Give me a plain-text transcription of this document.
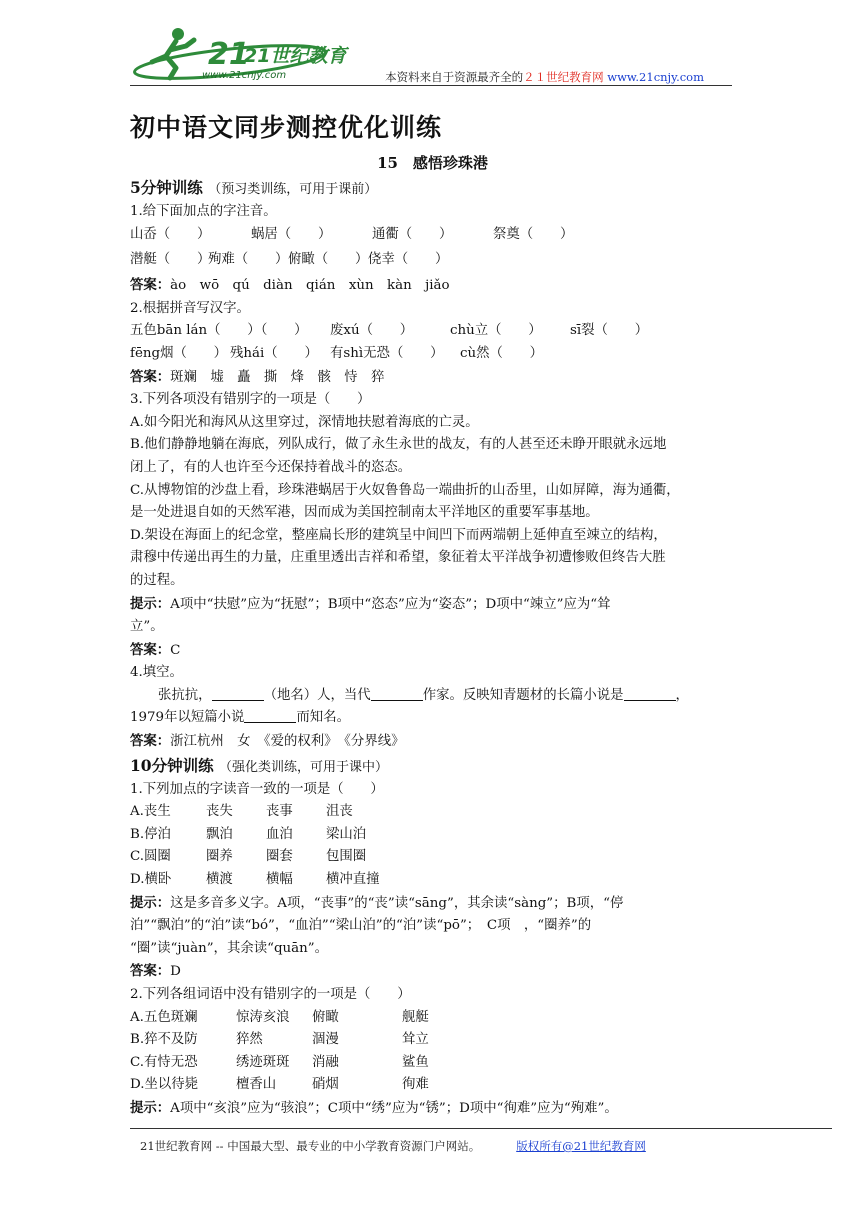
21
21世纪教育
www.21cnjy.com	本资料来自于资源最齐全的２１世纪教育网 www.21cnjy.com
初中语文同步测控优化训练
15　感悟珍珠港
5分钟训练 （预习类训练，可用于课前）
1.给下面加点的字注音。
山岙（　　）	蜗居（　　）	通衢（　　）	祭奠（　　）
潜艇（　　）殉难（　　）俯瞰（　　）侥幸（　　）
答案：ào　wō　qú　diàn　qián　xùn　kàn　jiǎo
2.根据拼音写汉字。
五色bān lán（　　）（　　） 废xú（　　）	chù立（　　） sī裂（　　）
fēng烟（　　） 残hái（　　） 有shì无恐（　　） cù然（　　）
答案：斑斓　墟　矗　撕　烽　骸　恃　猝
3.下列各项没有错别字的一项是（　　）
A.如今阳光和海风从这里穿过，深情地扶慰着海底的亡灵。
B.他们静静地躺在海底，列队成行，做了永生永世的战友，有的人甚至还未睁开眼就永远地
闭上了，有的人也许至今还保持着战斗的恣态。
C.从博物馆的沙盘上看，珍珠港蜗居于火奴鲁鲁岛一端曲折的山岙里，山如屏障，海为通衢，
是一处进退自如的天然军港，因而成为美国控制南太平洋地区的重要军事基地。
D.架设在海面上的纪念堂，整座扁长形的建筑呈中间凹下而两端朝上延伸直至竦立的结构，
肃穆中传递出再生的力量，庄重里透出吉祥和希望，象征着太平洋战争初遭惨败但终告大胜
的过程。
提示：A项中“扶慰”应为“抚慰”；B项中“恣态”应为“姿态”；D项中“竦立”应为“耸
立”。
答案：C
4.填空。
张抗抗，	（地名）人，当代	作家。反映知青题材的长篇小说是	，
1979年以短篇小说	而知名。
答案：浙江杭州　女　《爱的权利》　《分界线》
10分钟训练 （强化类训练，可用于课中）
1.下列加点的字读音一致的一项是（　　）
A.丧生	丧失 丧事 沮丧
B.停泊	飘泊 血泊 梁山泊
C.圆圈	圈养 圈套 包围圈
D.横卧	横渡 横幅 横冲直撞
提示：这是多音多义字。A项，“丧事”的“丧”读“sāng”，其余读“sàng”；B项，“停
泊”“飘泊”的“泊”读“bó”，“血泊”“梁山泊”的“泊”读“pō”；　C项　，“圈养”的
“圈”读“juàn”，其余读“quān”。
答案：D
2.下列各组词语中没有错别字的一项是（　　）
A.五色斑斓	惊涛亥浪 俯瞰	舰艇
B.猝不及防	猝然	涸漫	耸立
C.有恃无恐	绣迹斑斑 消融	鲨鱼
D.坐以待毙	檀香山	硝烟	徇难
提示：A项中“亥浪”应为“骇浪”；C项中“绣”应为“锈”；D项中“徇难”应为“殉难”。
21世纪教育网 -- 中国最大型、最专业的中小学教育资源门户网站。	版权所有@21世纪教育网
